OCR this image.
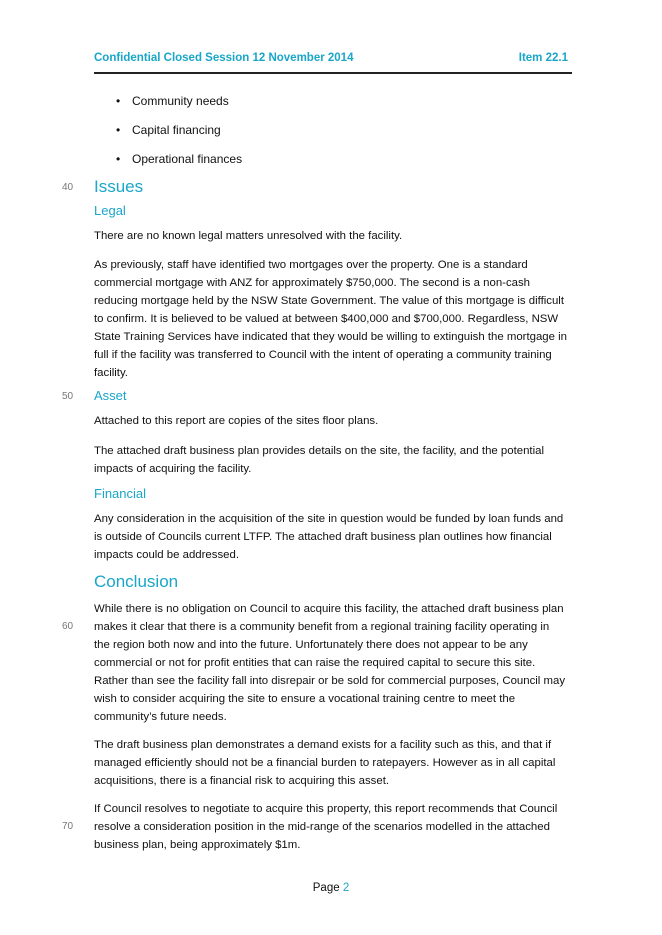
Confidential Closed Session 12 November 2014	Item 22.1
• Community needs
• Capital financing
• Operational finances
40 Issues
Legal
There are no known legal matters unresolved with the facility.
As previously, staff have identified two mortgages over the property. One is a standard commercial mortgage with ANZ for approximately $750,000. The second is a non-cash reducing mortgage held by the NSW State Government. The value of this mortgage is difficult to confirm. It is believed to be valued at between $400,000 and $700,000. Regardless, NSW State Training Services have indicated that they would be willing to extinguish the mortgage in full if the facility was transferred to Council with the intent of operating a community training facility.
50 Asset
Attached to this report are copies of the sites floor plans.
The attached draft business plan provides details on the site, the facility, and the potential impacts of acquiring the facility.
Financial
Any consideration in the acquisition of the site in question would be funded by loan funds and is outside of Councils current LTFP. The attached draft business plan outlines how financial impacts could be addressed.
Conclusion
60
While there is no obligation on Council to acquire this facility, the attached draft business plan makes it clear that there is a community benefit from a regional training facility operating in the region both now and into the future. Unfortunately there does not appear to be any commercial or not for profit entities that can raise the required capital to secure this site. Rather than see the facility fall into disrepair or be sold for commercial purposes, Council may wish to consider acquiring the site to ensure a vocational training centre to meet the community’s future needs.
The draft business plan demonstrates a demand exists for a facility such as this, and that if managed efficiently should not be a financial burden to ratepayers. However as in all capital acquisitions, there is a financial risk to acquiring this asset.
70
If Council resolves to negotiate to acquire this property, this report recommends that Council resolve a consideration position in the mid-range of the scenarios modelled in the attached business plan, being approximately $1m.
Page 2
